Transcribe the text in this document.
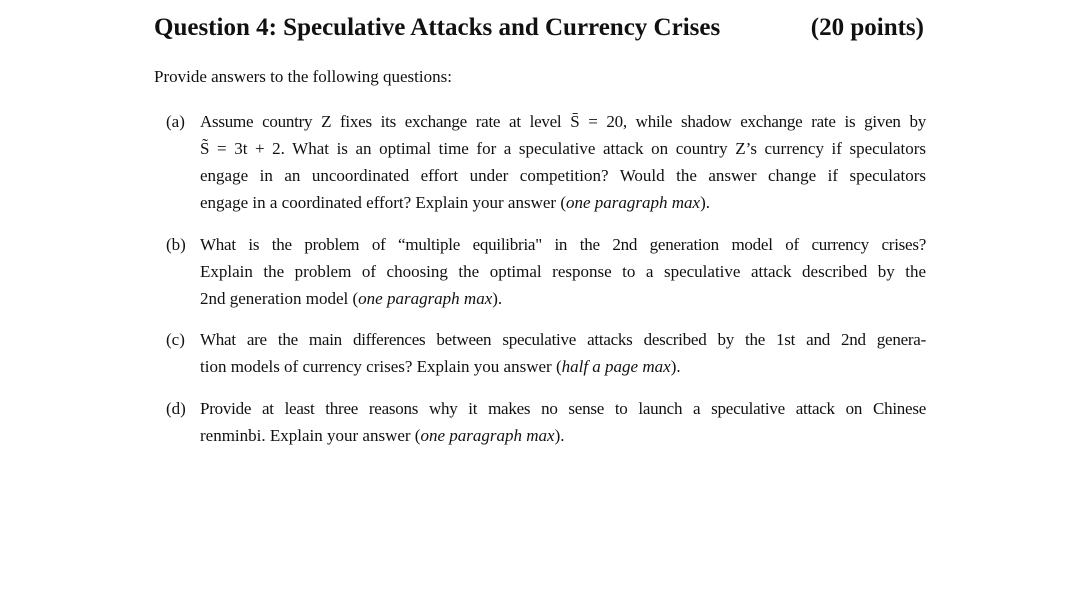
Question 4: Speculative Attacks and Currency Crises	(20 points)
Provide answers to the following questions:
(a) Assume country Z fixes its exchange rate at level S̄ = 20, while shadow exchange rate is given by
S̃ = 3t + 2. What is an optimal time for a speculative attack on country Z’s currency if speculators
engage in an uncoordinated effort under competition? Would the answer change if speculators
engage in a coordinated effort? Explain your answer (one paragraph max).
(b) What is the problem of “multiple equilibria" in the 2nd generation model of currency crises?
Explain the problem of choosing the optimal response to a speculative attack described by the
2nd generation model (one paragraph max).
(c) What are the main differences between speculative attacks described by the 1st and 2nd genera-
tion models of currency crises? Explain you answer (half a page max).
(d) Provide at least three reasons why it makes no sense to launch a speculative attack on Chinese
renminbi. Explain your answer (one paragraph max).
